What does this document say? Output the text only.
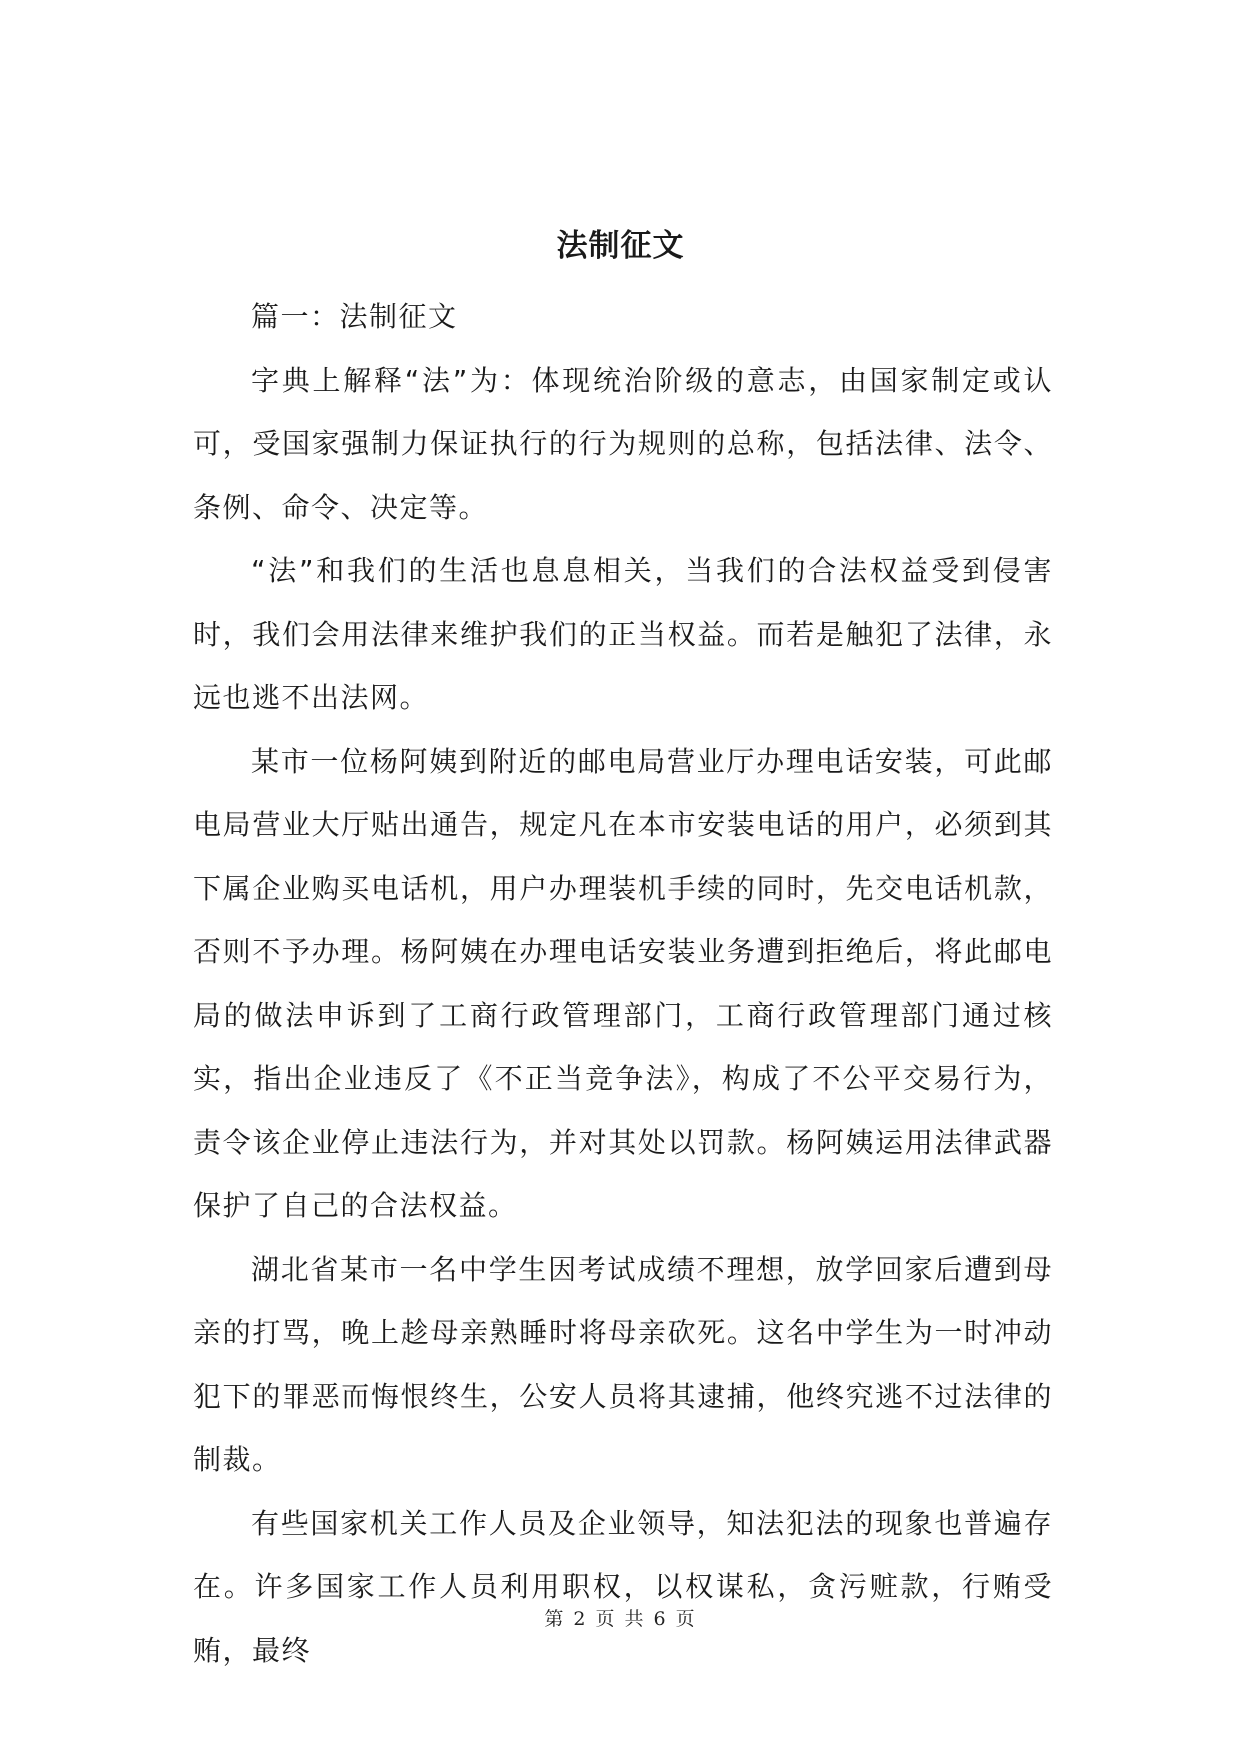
法制征文

篇一：法制征文

字典上解释“法”为：体现统治阶级的意志，由国家制定或认可，受国家强制力保证执行的行为规则的总称，包括法律、法令、条例、命令、决定等。

“法”和我们的生活也息息相关，当我们的合法权益受到侵害时，我们会用法律来维护我们的正当权益。而若是触犯了法律，永远也逃不出法网。

某市一位杨阿姨到附近的邮电局营业厅办理电话安装，可此邮电局营业大厅贴出通告，规定凡在本市安装电话的用户，必须到其下属企业购买电话机，用户办理装机手续的同时，先交电话机款，否则不予办理。杨阿姨在办理电话安装业务遭到拒绝后，将此邮电局的做法申诉到了工商行政管理部门，工商行政管理部门通过核实，指出企业违反了《不正当竞争法》，构成了不公平交易行为，责令该企业停止违法行为，并对其处以罚款。杨阿姨运用法律武器保护了自己的合法权益。

湖北省某市一名中学生因考试成绩不理想，放学回家后遭到母亲的打骂，晚上趁母亲熟睡时将母亲砍死。这名中学生为一时冲动犯下的罪恶而悔恨终生，公安人员将其逮捕，他终究逃不过法律的制裁。

有些国家机关工作人员及企业领导，知法犯法的现象也普遍存在。许多国家工作人员利用职权，以权谋私，贪污赃款，行贿受贿，最终

第 2 页 共 6 页
